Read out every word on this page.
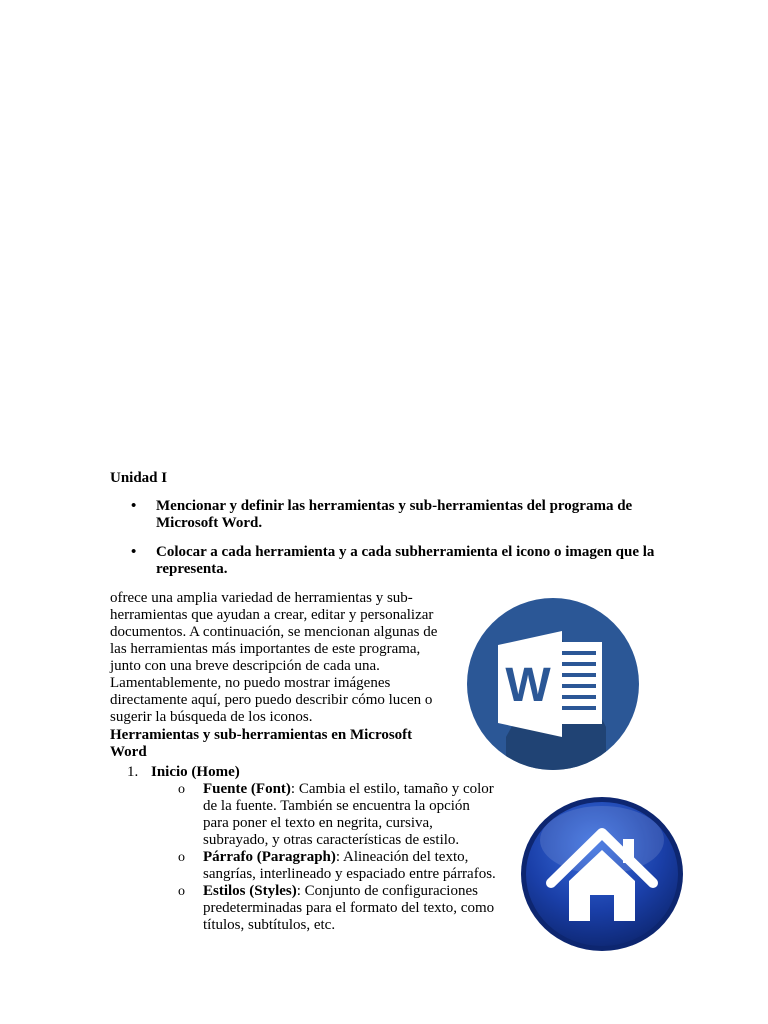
Unidad I
• Mencionar y definir las herramientas y sub-herramientas del programa de Microsoft Word.
• Colocar a cada herramienta y a cada subherramienta el icono o imagen que la representa.
ofrece una amplia variedad de herramientas y sub-
herramientas que ayudan a crear, editar y personalizar
documentos. A continuación, se mencionan algunas de
las herramientas más importantes de este programa,
junto con una breve descripción de cada una.
Lamentablemente, no puedo mostrar imágenes
directamente aquí, pero puedo describir cómo lucen o
sugerir la búsqueda de los iconos.
Herramientas y sub-herramientas en Microsoft
Word
1. Inicio (Home)
o Fuente (Font): Cambia el estilo, tamaño y color
de la fuente. También se encuentra la opción
para poner el texto en negrita, cursiva,
subrayado, y otras características de estilo.
o Párrafo (Paragraph): Alineación del texto,
sangrías, interlineado y espaciado entre párrafos.
o Estilos (Styles): Conjunto de configuraciones
predeterminadas para el formato del texto, como
títulos, subtítulos, etc.
W
